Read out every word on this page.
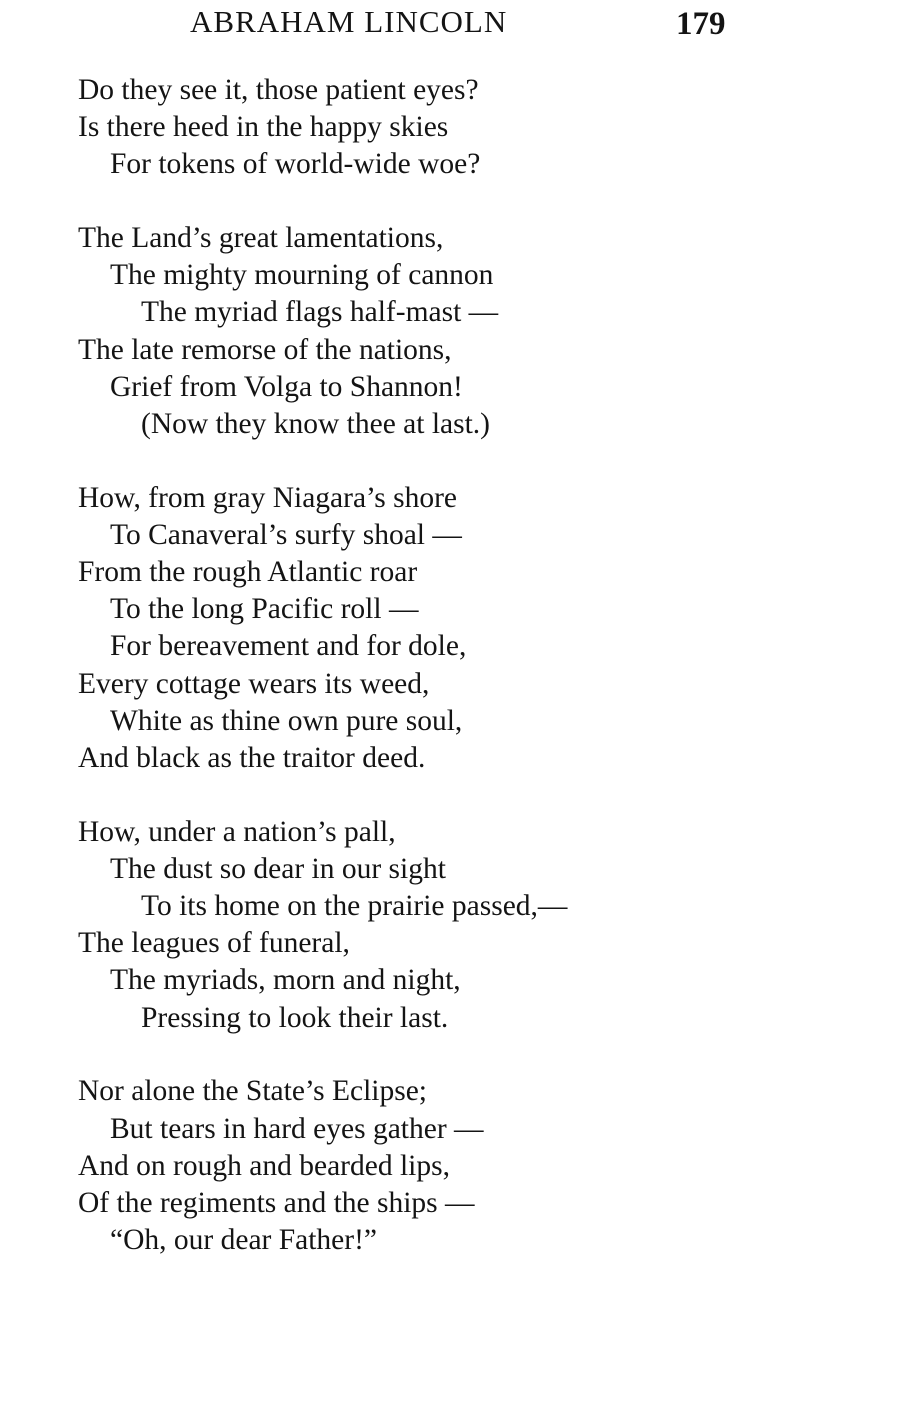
ABRAHAM LINCOLN	179
Do they see it, those patient eyes?
Is there heed in the happy skies
For tokens of world-wide woe?
The Land’s great lamentations,
The mighty mourning of cannon
The myriad flags half-mast —
The late remorse of the nations,
Grief from Volga to Shannon!
(Now they know thee at last.)
How, from gray Niagara’s shore
To Canaveral’s surfy shoal —
From the rough Atlantic roar
To the long Pacific roll —
For bereavement and for dole,
Every cottage wears its weed,
White as thine own pure soul,
And black as the traitor deed.
How, under a nation’s pall,
The dust so dear in our sight
To its home on the prairie passed,—
The leagues of funeral,
The myriads, morn and night,
Pressing to look their last.
Nor alone the State’s Eclipse;
But tears in hard eyes gather —
And on rough and bearded lips,
Of the regiments and the ships —
“Oh, our dear Father!”
